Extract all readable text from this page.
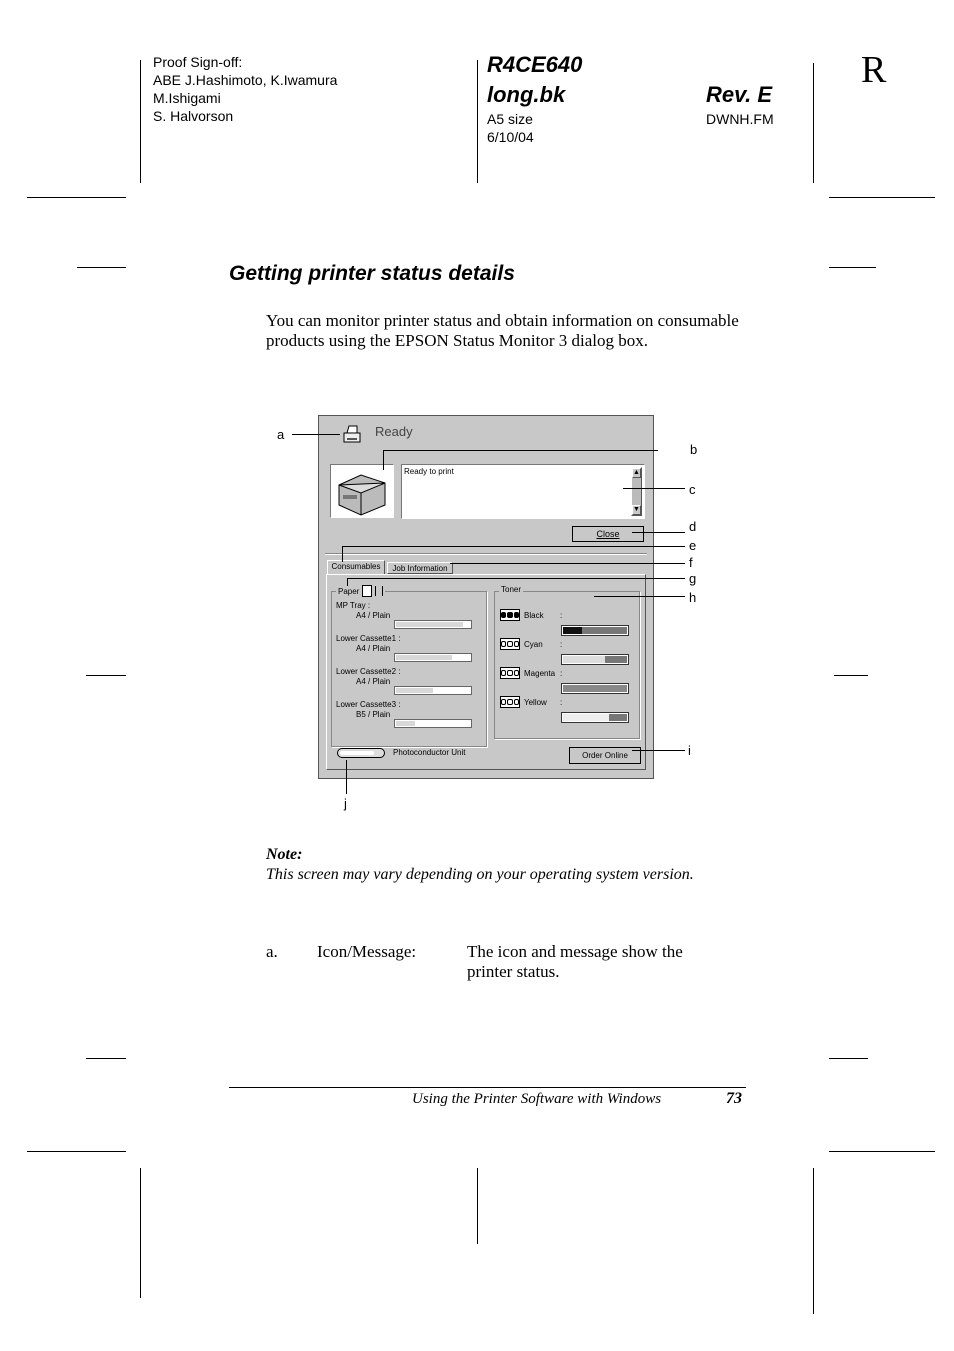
Proof Sign-off:
ABE J.Hashimoto, K.Iwamura
M.Ishigami
S. Halvorson
R4CE640
long.bk	Rev. E
A5 size
6/10/04
DWNH.FM
R
Getting printer status details
You can monitor printer status and obtain information on consumable products using the EPSON Status Monitor 3 dialog box.
Ready
Ready to print	▲
▼
Close
Consumables	Job Information
Paper
MP Tray :
A4 / Plain
Lower Cassette1 :
A4 / Plain
Lower Cassette2 :
A4 / Plain
Lower Cassette3 :
B5 / Plain
Toner
Black :
Cyan :
Magenta :
Yellow :
Photoconductor Unit	Order Online
a
b
c
d
e
f
g
h
i
j
Note:
This screen may vary depending on your operating system version.
a. Icon/Message:	The icon and message show the
printer status.
Using the Printer Software with Windows	73
